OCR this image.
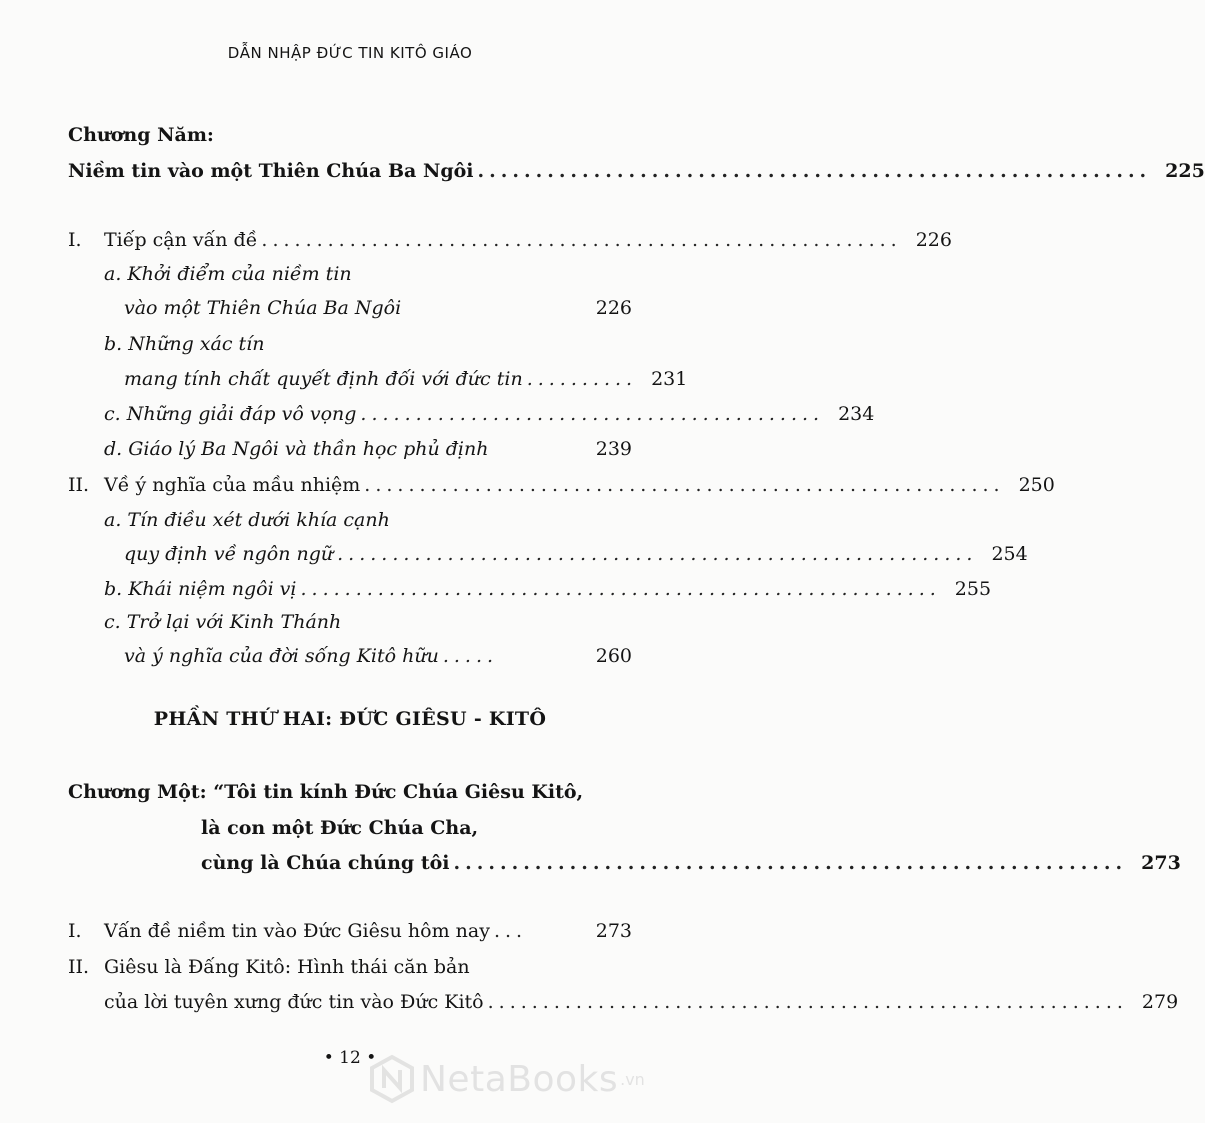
DẪN NHẬP ĐỨC TIN KITÔ GIÁO
Chương Năm:
Niềm tin vào một Thiên Chúa Ba Ngôi .......................................................... 225
I. Tiếp cận vấn đề .......................................................... 226
a. Khởi điểm của niềm tin
vào một Thiên Chúa Ba Ngôi	226
b. Những xác tín
mang tính chất quyết định đối với đức tin .......... 231
c. Những giải đáp vô vọng .......................................... 234
d. Giáo lý Ba Ngôi và thần học phủ định	239
II. Về ý nghĩa của mầu nhiệm .......................................................... 250
a. Tín điều xét dưới khía cạnh
quy định về ngôn ngữ .......................................................... 254
b. Khái niệm ngôi vị .......................................................... 255
c. Trở lại với Kinh Thánh
và ý nghĩa của đời sống Kitô hữu .....	260
PHẦN THỨ HAI: ĐỨC GIÊSU - KITÔ
Chương Một: “Tôi tin kính Đức Chúa Giêsu Kitô,
là con một Đức Chúa Cha,
cùng là Chúa chúng tôi .......................................................... 273
I. Vấn đề niềm tin vào Đức Giêsu hôm nay ...	273
II. Giêsu là Đấng Kitô: Hình thái căn bản
của lời tuyên xưng đức tin vào Đức Kitô .......................................................... 279
• 12 •
NetaBooks .vn
